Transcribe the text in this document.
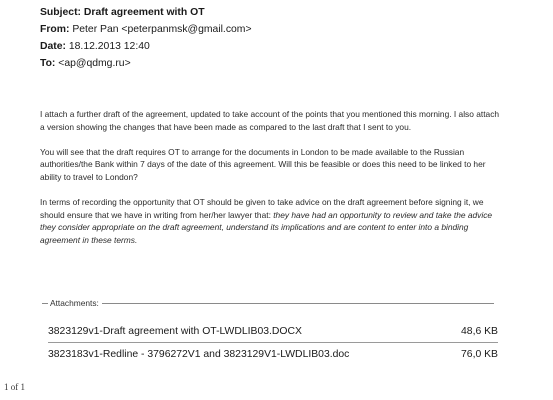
Subject: Draft agreement with OT
From: Peter Pan <peterpanmsk@gmail.com>
Date: 18.12.2013 12:40
To: <ap@qdmg.ru>

I attach a further draft of the agreement, updated to take account of the points that you mentioned this morning. I also attach a version showing the changes that have been made as compared to the last draft that I sent to you.

You will see that the draft requires OT to arrange for the documents in London to be made available to the Russian authorities/the Bank within 7 days of the date of this agreement. Will this be feasible or does this need to be linked to her ability to travel to London?

In terms of recording the opportunity that OT should be given to take advice on the draft agreement before signing it, we should ensure that we have in writing from her/her lawyer that: they have had an opportunity to review and take the advice they consider appropriate on the draft agreement, understand its implications and are content to enter into a binding agreement in these terms.

Attachments:
3823129v1-Draft agreement with OT-LWDLIB03.DOCX	48,6 KB
3823183v1-Redline - 3796272V1 and 3823129V1-LWDLIB03.doc	76,0 KB
1 of 1
